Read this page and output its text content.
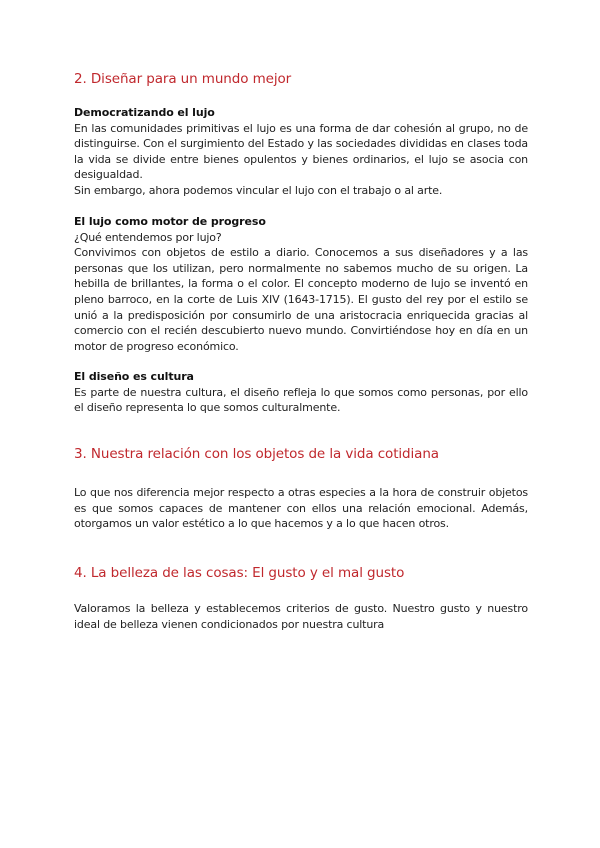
2. Diseñar para un mundo mejor

Democratizando el lujo

En las comunidades primitivas el lujo es una forma de dar cohesión al grupo, no de distinguirse. Con el surgimiento del Estado y las sociedades divididas en clases toda la vida se divide entre bienes opulentos y bienes ordinarios, el lujo se asocia con desigualdad.

Sin embargo, ahora podemos vincular el lujo con el trabajo o al arte.

El lujo como motor de progreso

¿Qué entendemos por lujo?

Convivimos con objetos de estilo a diario. Conocemos a sus diseñadores y a las personas que los utilizan, pero normalmente no sabemos mucho de su origen. La hebilla de brillantes, la forma o el color. El concepto moderno de lujo se inventó en pleno barroco, en la corte de Luis XIV (1643-1715). El gusto del rey por el estilo se unió a la predisposición por consumirlo de una aristocracia enriquecida gracias al comercio con el recién descubierto nuevo mundo. Convirtiéndose hoy en día en un motor de progreso económico.

El diseño es cultura

Es parte de nuestra cultura, el diseño refleja lo que somos como personas, por ello el diseño representa lo que somos culturalmente.

3. Nuestra relación con los objetos de la vida cotidiana

Lo que nos diferencia mejor respecto a otras especies a la hora de construir objetos es que somos capaces de mantener con ellos una relación emocional. Además, otorgamos un valor estético a lo que hacemos y a lo que hacen otros.

4. La belleza de las cosas: El gusto y el mal gusto

Valoramos la belleza y establecemos criterios de gusto. Nuestro gusto y nuestro ideal de belleza vienen condicionados por nuestra cultura
